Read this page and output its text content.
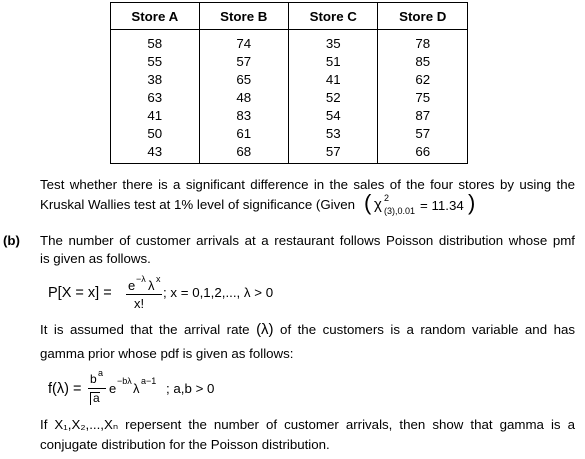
Store A	Store B	Store C	Store D
58	74	35	78
55	57	51	85
38	65	41	62
63	48	52	75
41	83	54	87
50	61	53	57
43	68	57	66
Test whether there is a significant difference in the sales of the four stores by using the
Kruskal Wallies test at 1% level of significance (Given ( χ 2
(3),0.01 = 11.34 )
(b) The number of customer arrivals at a restaurant follows Poisson distribution whose pmf
is given as follows.
P[X = x] = e −λ λ x
x!
; x = 0,1,2,..., λ > 0
It is assumed that the arrival rate (λ) of the customers is a random variable and has
gamma prior whose pdf is given as follows:
f(λ) =
b a
a
e −bλ λ a−1 ; a,b > 0
If X₁,X₂,...,Xₙ repersent the number of customer arrivals, then show that gamma is a
conjugate distribution for the Poisson distribution.
